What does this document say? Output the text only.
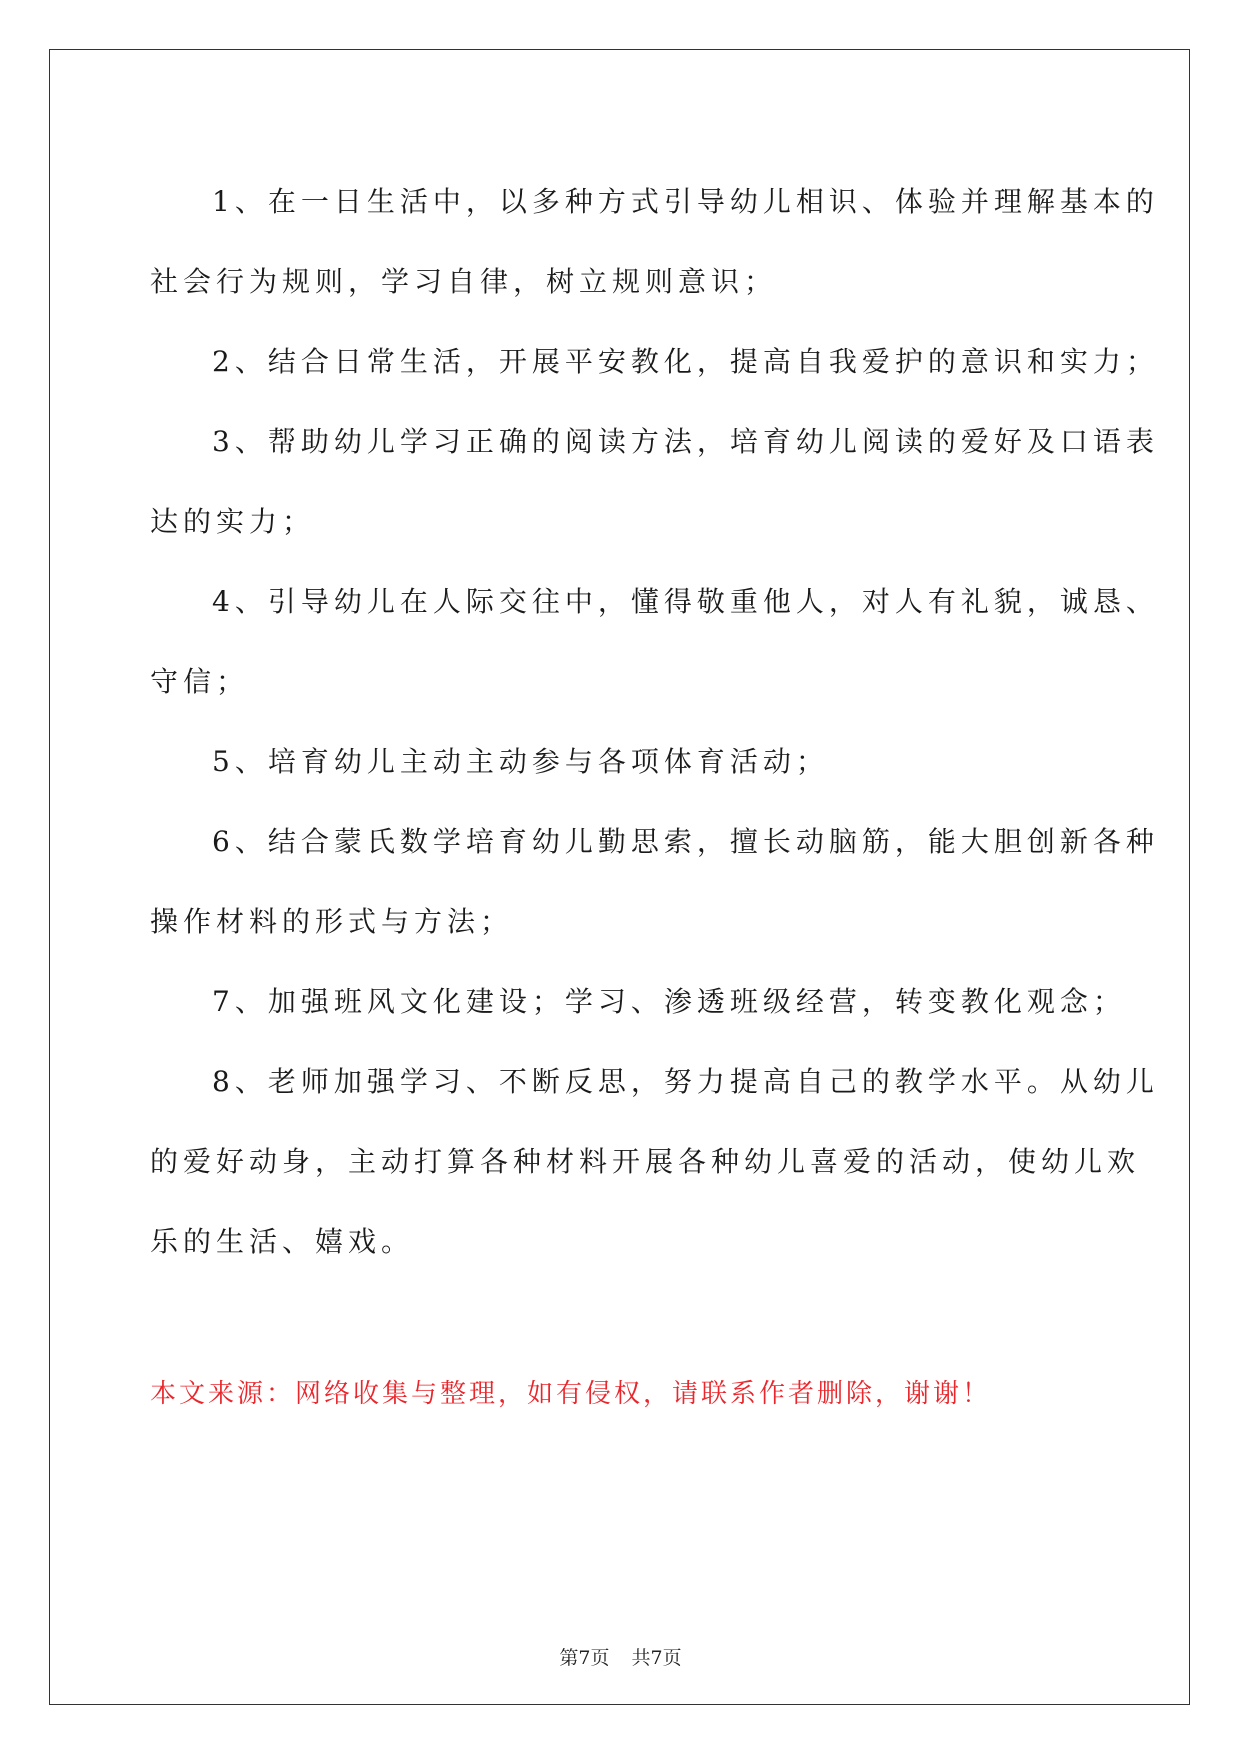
1、在一日生活中，以多种方式引导幼儿相识、体验并理解基本的
社会行为规则，学习自律，树立规则意识；

2、结合日常生活，开展平安教化，提高自我爱护的意识和实力；

3、帮助幼儿学习正确的阅读方法，培育幼儿阅读的爱好及口语表
达的实力；

4、引导幼儿在人际交往中，懂得敬重他人，对人有礼貌，诚恳、
守信；

5、培育幼儿主动主动参与各项体育活动；

6、结合蒙氏数学培育幼儿勤思索，擅长动脑筋，能大胆创新各种
操作材料的形式与方法；

7、加强班风文化建设；学习、渗透班级经营，转变教化观念；

8、老师加强学习、不断反思，努力提高自己的教学水平。从幼儿
的爱好动身，主动打算各种材料开展各种幼儿喜爱的活动，使幼儿欢
乐的生活、嬉戏。

本文来源：网络收集与整理，如有侵权，请联系作者删除，谢谢！
第7页 共7页
